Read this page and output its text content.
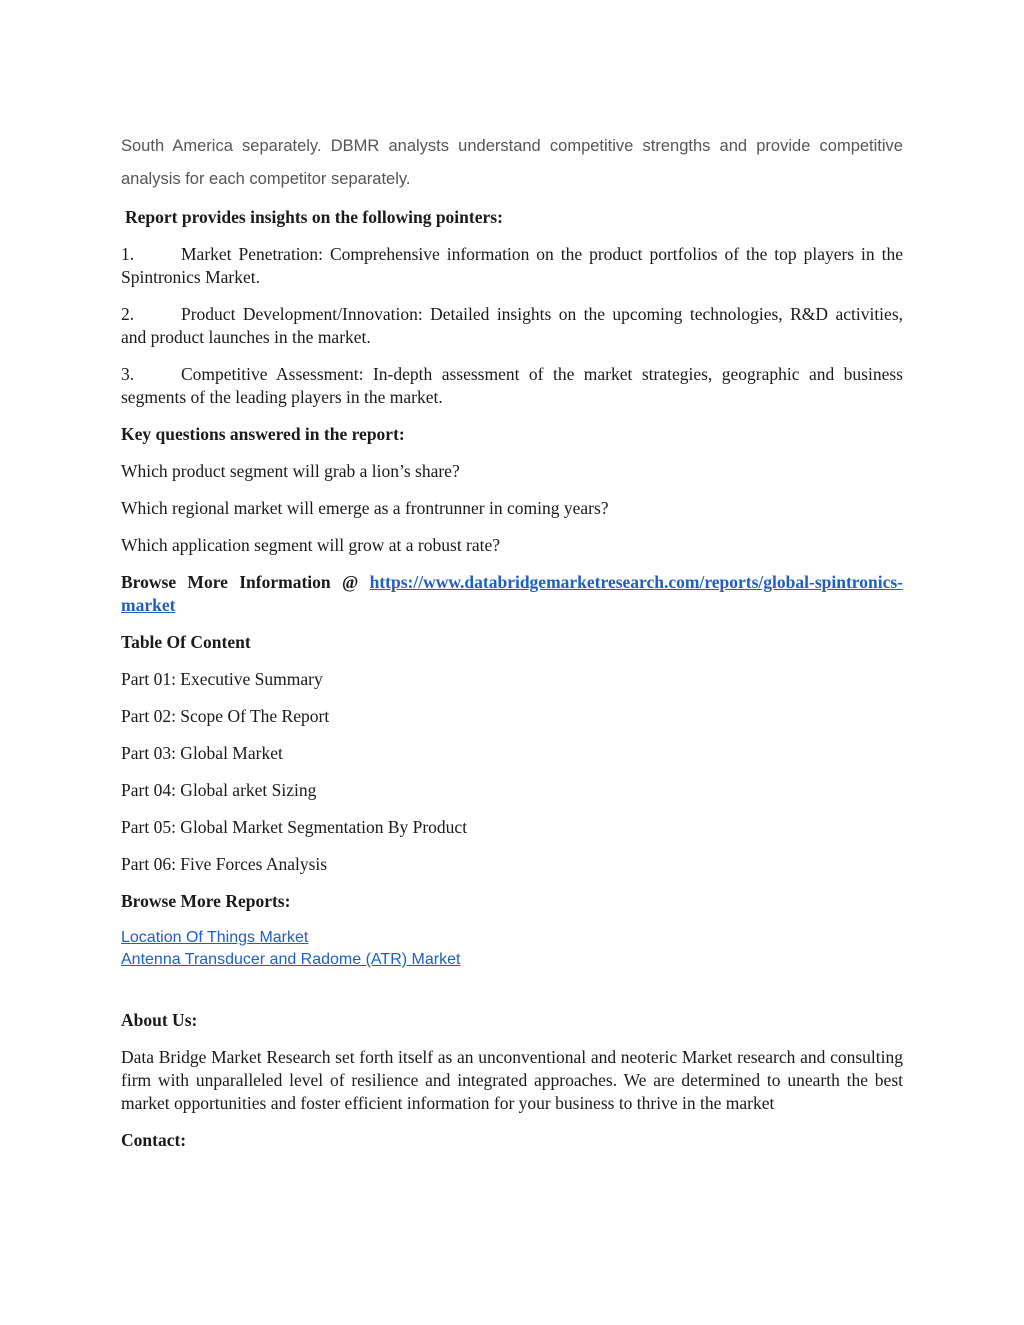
South America separately. DBMR analysts understand competitive strengths and provide competitive analysis for each competitor separately.

Report provides insights on the following pointers:
1.	Market Penetration: Comprehensive information on the product portfolios of the top players in the Spintronics Market.
2.	Product Development/Innovation: Detailed insights on the upcoming technologies, R&D activities, and product launches in the market.
3.	Competitive Assessment: In-depth assessment of the market strategies, geographic and business segments of the leading players in the market.
Key questions answered in the report:
Which product segment will grab a lion’s share?
Which regional market will emerge as a frontrunner in coming years?
Which application segment will grow at a robust rate?
Browse More Information @ https://www.databridgemarketresearch.com/reports/global-spintronics-market
Table Of Content
Part 01: Executive Summary
Part 02: Scope Of The Report
Part 03: Global Market
Part 04: Global arket Sizing
Part 05: Global Market Segmentation By Product
Part 06: Five Forces Analysis
Browse More Reports:
Location Of Things Market
Antenna Transducer and Radome (ATR) Market
About Us:
Data Bridge Market Research set forth itself as an unconventional and neoteric Market research and consulting firm with unparalleled level of resilience and integrated approaches. We are determined to unearth the best market opportunities and foster efficient information for your business to thrive in the market
Contact:
